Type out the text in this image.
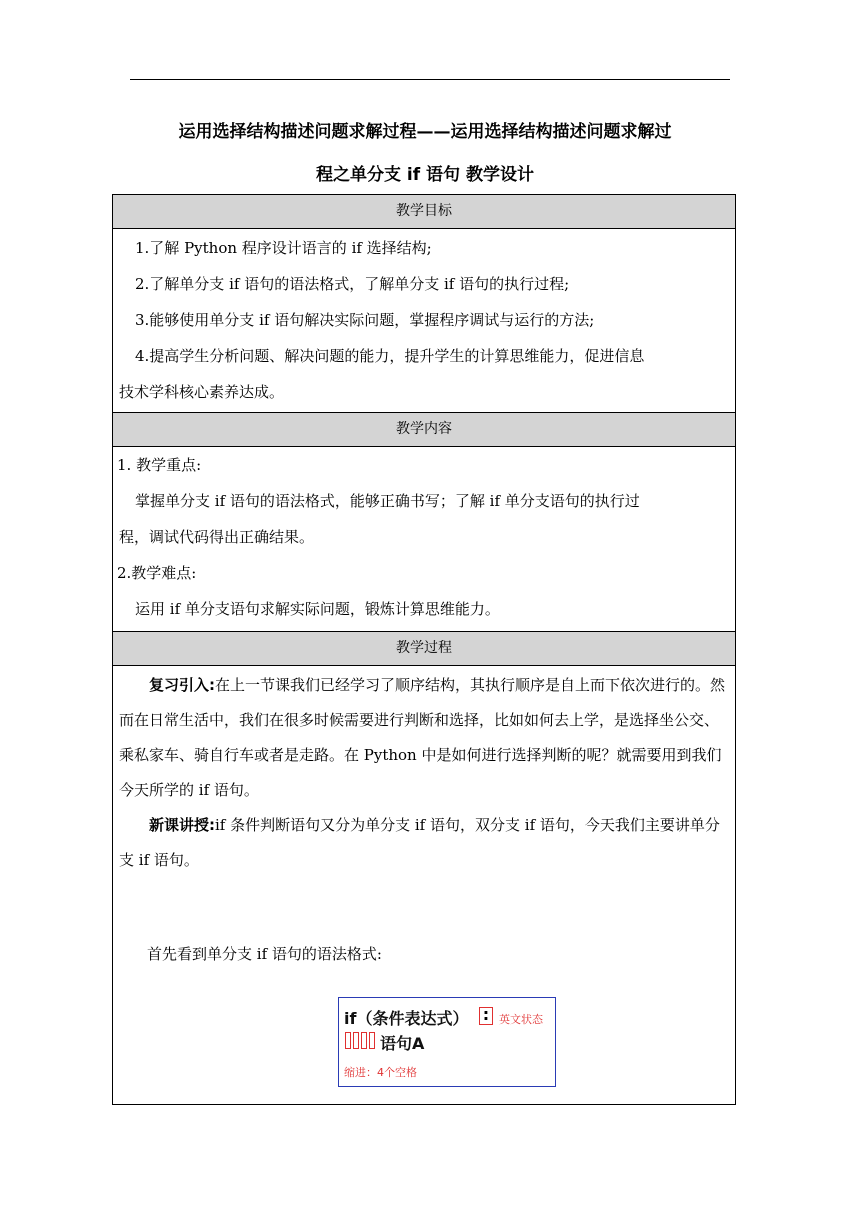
运用选择结构描述问题求解过程——运用选择结构描述问题求解过
程之单分支 if 语句 教学设计
教学目标
1.了解 Python 程序设计语言的 if 选择结构;
2.了解单分支 if 语句的语法格式，了解单分支 if 语句的执行过程;
3.能够使用单分支 if 语句解决实际问题，掌握程序调试与运行的方法;
4.提高学生分析问题、解决问题的能力，提升学生的计算思维能力，促进信息
技术学科核心素养达成。
教学内容
1. 教学重点:
掌握单分支 if 语句的语法格式，能够正确书写；了解 if 单分支语句的执行过
程，调试代码得出正确结果。
2.教学难点:
运用 if 单分支语句求解实际问题，锻炼计算思维能力。
教学过程
复习引入:在上一节课我们已经学习了顺序结构，其执行顺序是自上而下依次进行的。然而在日常生活中，我们在很多时候需要进行判断和选择，比如如何去上学，是选择坐公交、乘私家车、骑自行车或者是走路。在 Python 中是如何进行选择判断的呢？就需要用到我们今天所学的 if 语句。
新课讲授:if 条件判断语句又分为单分支 if 语句，双分支 if 语句，今天我们主要讲单分支 if 语句。
首先看到单分支 if 语句的语法格式:
if（条件表达式） : 英文状态
语句A
缩进：4个空格
